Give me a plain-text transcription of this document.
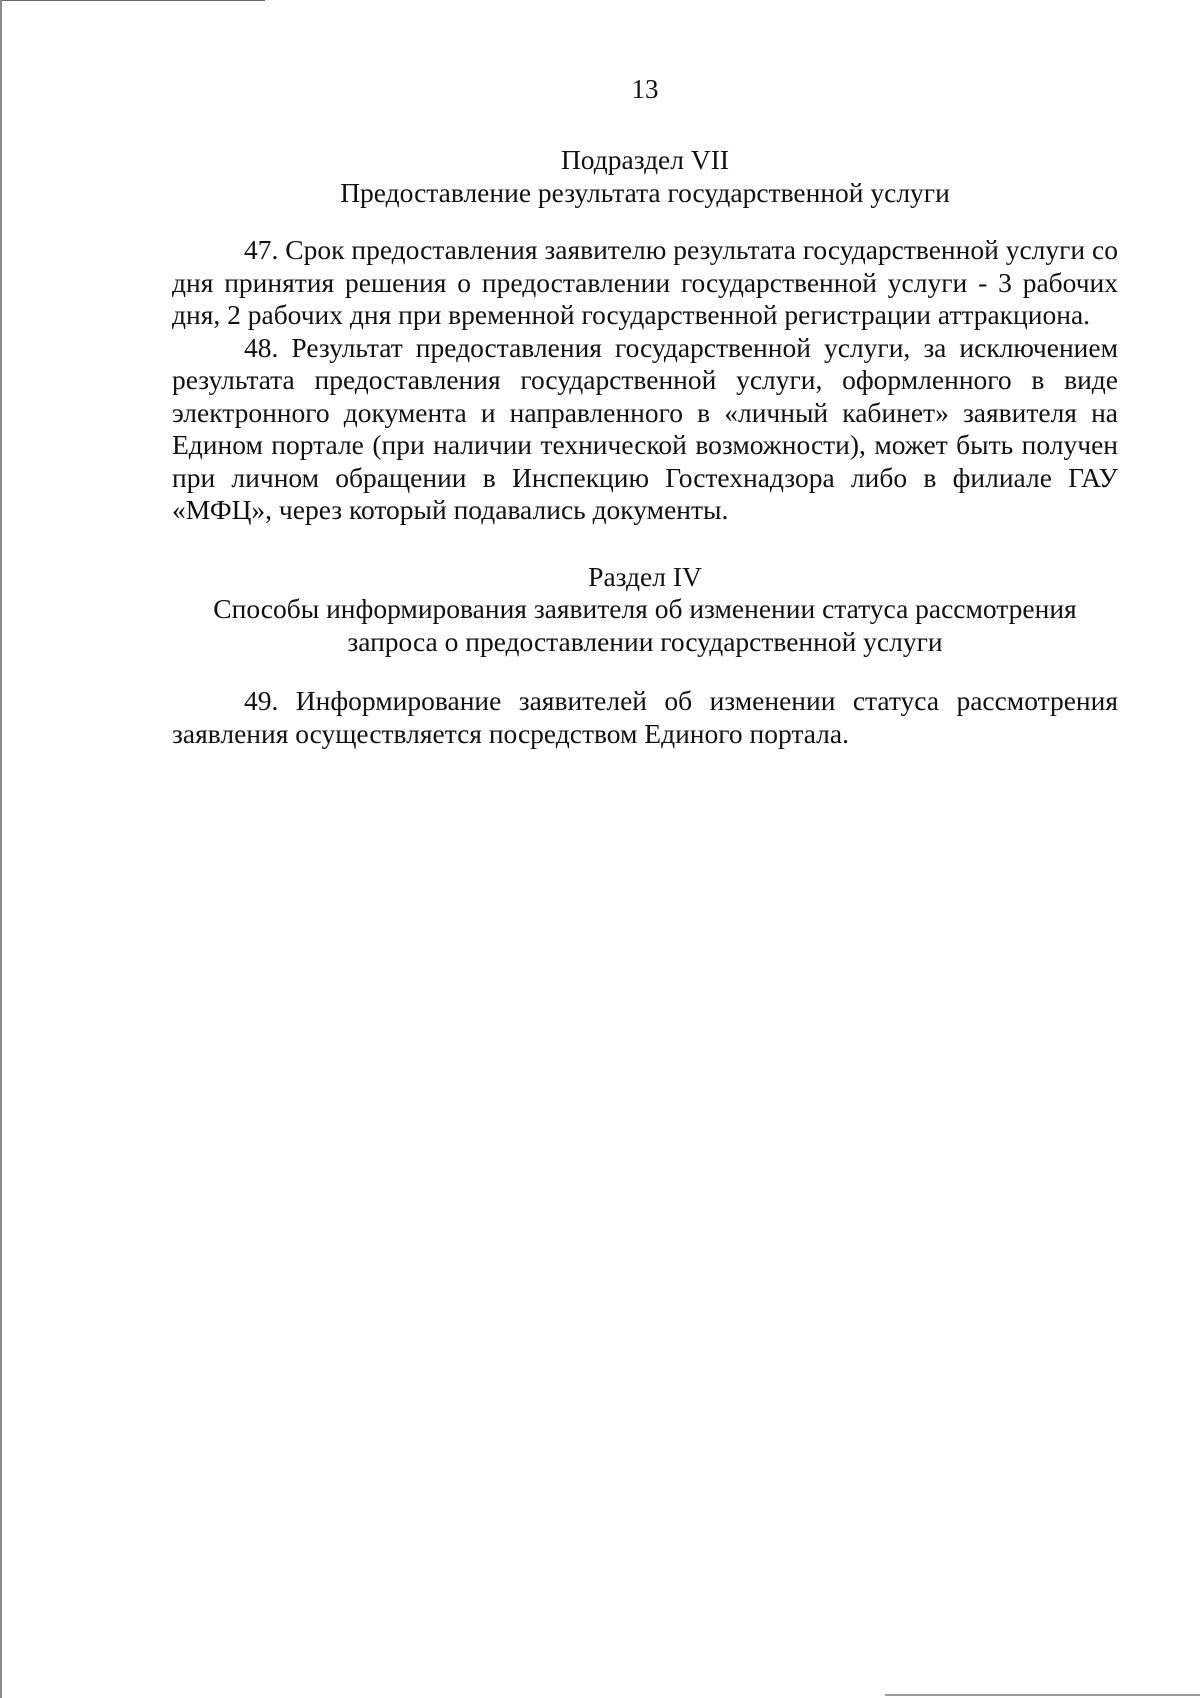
13
Подраздел VII
Предоставление результата государственной услуги

47. Срок предоставления заявителю результата государственной услуги со дня принятия решения о предоставлении государственной услуги - 3 рабочих дня, 2 рабочих дня при временной государственной регистрации аттракциона.

48. Результат предоставления государственной услуги, за исключением результата предоставления государственной услуги, оформленного в виде электронного документа и направленного в «личный кабинет» заявителя на Едином портале (при наличии технической возможности), может быть получен при личном обращении в Инспекцию Гостехнадзора либо в филиале ГАУ «МФЦ», через который подавались документы.

Раздел IV
Способы информирования заявителя об изменении статуса рассмотрения
запроса о предоставлении государственной услуги

49. Информирование заявителей об изменении статуса рассмотрения заявления осуществляется посредством Единого портала.
